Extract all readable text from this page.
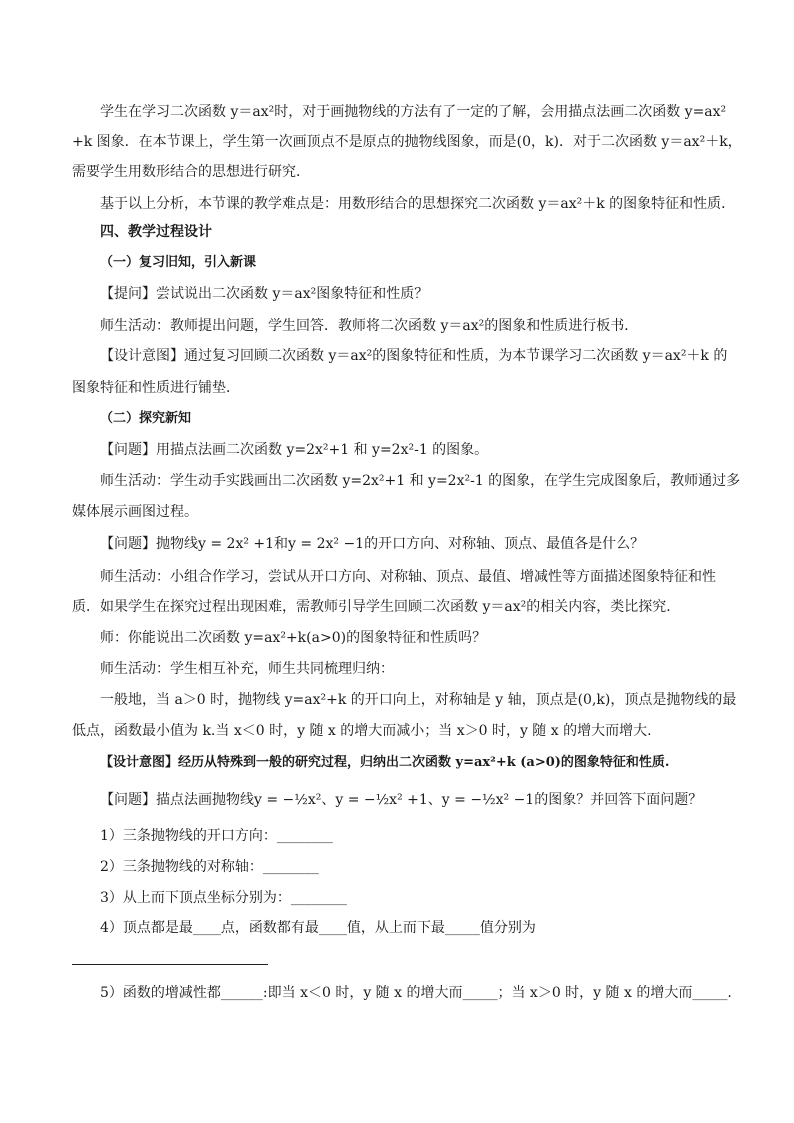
学生在学习二次函数 y＝ax²时，对于画抛物线的方法有了一定的了解，会用描点法画二次函数 y=ax²
+k 图象．在本节课上，学生第一次画顶点不是原点的抛物线图象，而是(0，k)．对于二次函数 y＝ax²＋k，
需要学生用数形结合的思想进行研究．
基于以上分析，本节课的教学难点是：用数形结合的思想探究二次函数 y＝ax²＋k 的图象特征和性质．
四、教学过程设计
（一）复习旧知，引入新课
【提问】尝试说出二次函数 y＝ax²图象特征和性质？
师生活动：教师提出问题，学生回答．教师将二次函数 y＝ax²的图象和性质进行板书．
【设计意图】通过复习回顾二次函数 y＝ax²的图象特征和性质，为本节课学习二次函数 y＝ax²＋k 的
图象特征和性质进行铺垫．
（二）探究新知
【问题】用描点法画二次函数 y=2x²+1 和 y=2x²-1 的图象。
师生活动：学生动手实践画出二次函数 y=2x²+1 和 y=2x²-1 的图象，在学生完成图象后，教师通过多
媒体展示画图过程。
【问题】抛物线y = 2x² +1和y = 2x² −1的开口方向、对称轴、顶点、最值各是什么？
师生活动：小组合作学习，尝试从开口方向、对称轴、顶点、最值、增减性等方面描述图象特征和性
质．如果学生在探究过程出现困难，需教师引导学生回顾二次函数 y＝ax²的相关内容，类比探究．
师：你能说出二次函数 y=ax²+k(a>0)的图象特征和性质吗？
师生活动：学生相互补充，师生共同梳理归纳：
一般地，当 a＞0 时，抛物线 y=ax²+k 的开口向上，对称轴是 y 轴，顶点是(0,k)，顶点是抛物线的最
低点，函数最小值为 k.当 x＜0 时，y 随 x 的增大而减小；当 x＞0 时，y 随 x 的增大而增大.
【设计意图】经历从特殊到一般的研究过程，归纳出二次函数 y=ax²+k (a>0)的图象特征和性质.
【问题】描点法画抛物线y = −½x²、y = −½x² +1、y = −½x² −1的图象？并回答下面问题？
1）三条抛物线的开口方向：________
2）三条抛物线的对称轴：________
3）从上而下顶点坐标分别为：________
4）顶点都是最____点，函数都有最____值，从上而下最_____值分别为
5）函数的增减性都______:即当 x＜0 时，y 随 x 的增大而_____；当 x＞0 时，y 随 x 的增大而_____.
